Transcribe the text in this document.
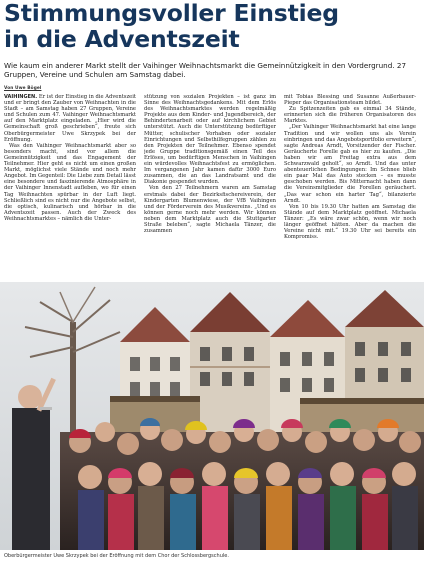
Stimmungsvoller Einstieg
in die Adventszeit

Wie kaum ein anderer Markt stellt der Vaihinger Weihnachtsmarkt die Gemeinnützigkeit in den Vordergrund. 27 Gruppen, Vereine und Schulen am Samstag dabei.

Von Uwe Bögel

VAIHINGEN. Er ist der Einstieg in die Adventszeit und er bringt den Zauber von Weihnachten in die Stadt – am Samstag haben 27 Gruppen, Vereine und Schulen zum 47. Vaihinger Weihnachtsmarkt auf den Marktplatz eingeladen. „Hier wird die Gemeinschaft groß geschrieben“, freute sich Oberbürgermeister Uwe Skrzypek bei der Eröffnung.

Was den Vaihinger Weihnachtsmarkt aber so besonders macht, sind vor allem die Gemeinnützigkeit und das Engagement der Teilnehmer. Hier geht es nicht um einen großen Markt, möglichst viele Stände und noch mehr Angebot. Im Gegenteil: Die Liebe zum Detail lässt eine besondere und faszinierende Atmosphäre in der Vaihinger Innenstadt aufleben, wo für einen Tag Weihnachten spürbar in der Luft liegt. Schließlich sind es nicht nur die Angebote selbst, die optisch, kulinarisch und hörbar in die Adventszeit passen. Auch der Zweck des Weihnachtsmarktes – nämlich die Unter-

stützung von sozialen Projekten – ist ganz im Sinne des Weihnachtsgedankens. Mit dem Erlös des Weihnachtsmarktes werden regelmäßig Projekte aus dem Kinder- und Jugendbereich, der Behindertenarbeit oder auf kirchlichem Gebiet unterstützt. Auch die Unterstützung bedürftiger Mütter, schulischer Vorhaben oder sozialer Einrichtungen und Selbsthilfegruppen zählen zu den Projekten der Teilnehmer. Ebenso spendet jede Gruppe traditionsgemäß einen Teil des Erlöses, um bedürftigen Menschen in Vaihingen ein würdevolles Weihnachtsfest zu ermöglichen. Im vergangenen Jahr kamen dafür 3000 Euro zusammen, die an das Landratsamt und die Diakonie gespendet wurden.

Von den 27 Teilnehmern waren am Samstag erstmals dabei der Bezirksfischereiverein, der Kindergarten Blumenwiese, der VfB Vaihingen und der Förderverein des Musikvereins. „Und es können gerne noch mehr werden. Wir können neben dem Marktplatz auch die Stuttgarter Straße beleben“, sagte Michaela Tänzer, die zusammen

mit Tobias Blessing und Susanne Außerbauer-Pieper das Organisationsteam bildet.

Zu Spitzenzeiten gab es einmal 34 Stände, erinnerten sich die früheren Organisatoren des Marktes.

„Der Vaihinger Weihnachtsmarkt hat eine lange Tradition und wir wollen uns als Verein einbringen und das Angebotsportfolio erweitern“, sagte Andreas Arndt, Vorsitzender der Fischer. Geräucherte Forelle gab es hier zu kaufen. „Die haben wir am Freitag extra aus dem Schwarzwald geholt“, so Arndt. Und das unter abenteuerlichen Bedingungen: Im Schnee blieb ein paar Mal das Auto stecken – es musste geschoben werden. Bis Mitternacht haben dann die Vereinsmitglieder die Forellen geräuchert. „Das war schon ein harter Tag“, bilanzierte Arndt.

Von 10 bis 19.30 Uhr hatten am Samstag die Stände auf dem Marktplatz geöffnet. Michaela Tänzer: „Es wäre zwar schön, wenn wir noch länger geöffnet hätten. Aber da machen die Vereine nicht mit.“ 19.30 Uhr sei bereits ein Kompromiss.

Oberbürgermeister Uwe Skrzypek bei der Eröffnung mit dem Chor der Schlossbergschule.
